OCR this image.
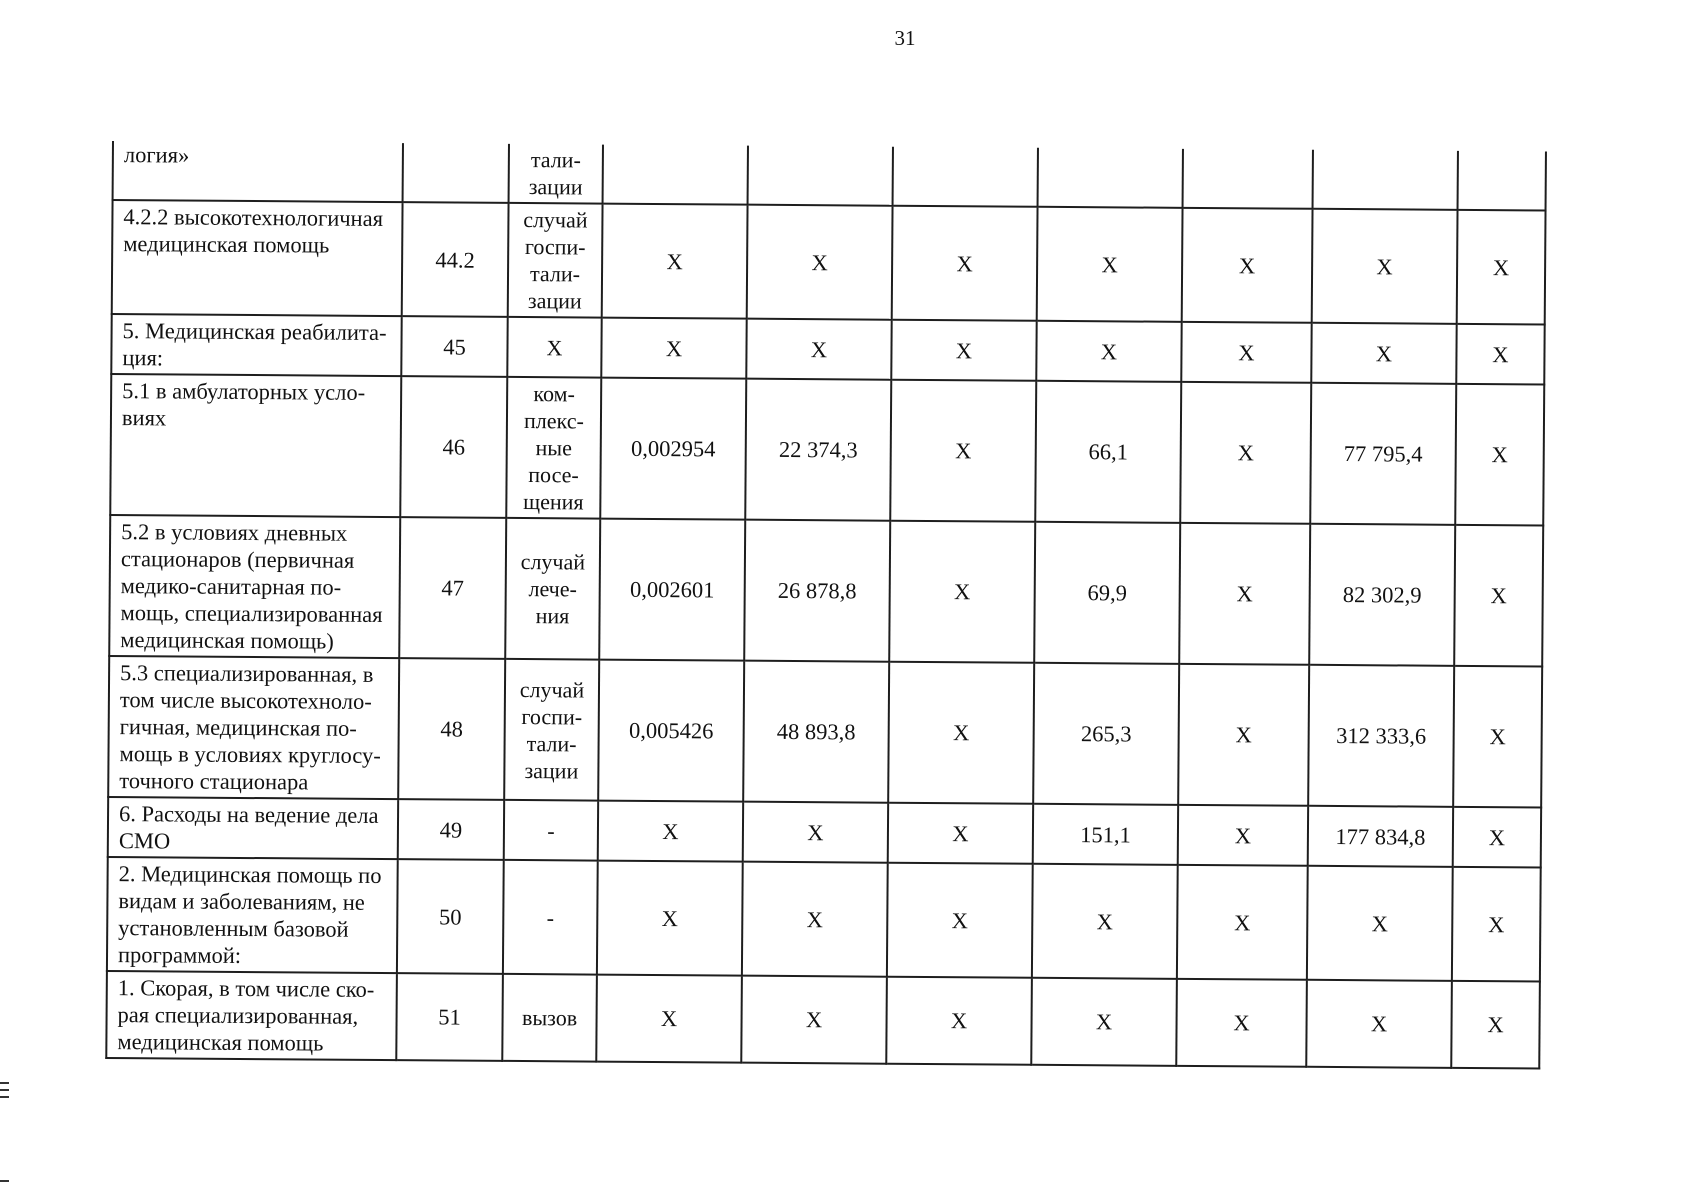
31
логия»		тали-
зации							
4.2.2 высокотехнологичная медицинская помощь	44.2	случай
госпи-
тали-
зации	Х	Х	Х	Х	Х	Х	Х
5. Медицинская реабилита-
ция:	45	Х	Х	Х	Х	Х	Х	Х	Х
5.1 в амбулаторных усло-
виях	46	ком-
плекс-
ные
посе-
щения	0,002954	22 374,3	Х	66,1	Х	77 795,4	Х
5.2 в условиях дневных стационаров (первичная медико-санитарная по-
мощь, специализированная медицинская помощь)	47	случай
лече-
ния	0,002601	26 878,8	Х	69,9	Х	82 302,9	Х
5.3 специализированная, в том числе высокотехноло-
гичная, медицинская по-
мощь в условиях круглосу-
точного стационара	48	случай
госпи-
тали-
зации	0,005426	48 893,8	Х	265,3	Х	312 333,6	Х
6. Расходы на ведение дела СМО	49	-	Х	Х	Х	151,1	Х	177 834,8	Х
2. Медицинская помощь по видам и заболеваниям, не установленным базовой программой:	50	-	Х	Х	Х	Х	Х	Х	Х
1. Скорая, в том числе ско-
рая специализированная, медицинская помощь	51	вызов	Х	Х	Х	Х	Х	Х	Х
